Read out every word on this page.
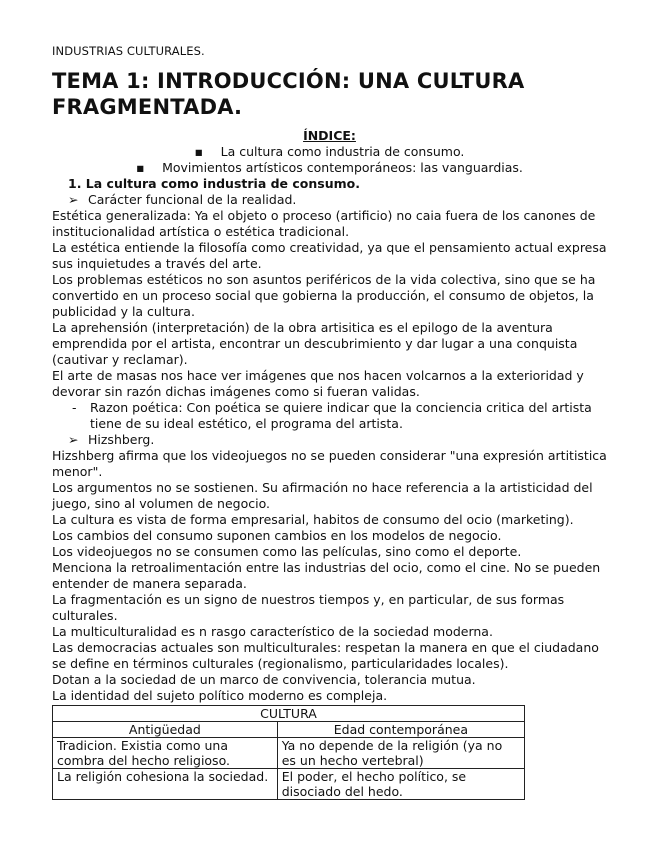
INDUSTRIAS CULTURALES.
TEMA 1: INTRODUCCIÓN: UNA CULTURA FRAGMENTADA.
ÍNDICE:
▪ La cultura como industria de consumo.
▪ Movimientos artísticos contemporáneos: las vanguardias.
1. La cultura como industria de consumo.
➢ Carácter funcional de la realidad.
Estética generalizada: Ya el objeto o proceso (artificio) no caia fuera de los canones de institucionalidad artística o estética tradicional.
La estética entiende la filosofía como creatividad, ya que el pensamiento actual expresa sus inquietudes a través del arte.
Los problemas estéticos no son asuntos periféricos de la vida colectiva, sino que se ha convertido en un proceso social que gobierna la producción, el consumo de objetos, la publicidad y la cultura.
La aprehensión (interpretación) de la obra artisitica es el epilogo de la aventura emprendida por el artista, encontrar un descubrimiento y dar lugar a una conquista (cautivar y reclamar).
El arte de masas nos hace ver imágenes que nos hacen volcarnos a la exterioridad y devorar sin razón dichas imágenes como si fueran validas.
-	Razon poética: Con poética se quiere indicar que la conciencia critica del artista tiene de su ideal estético, el programa del artista.
➢ Hizshberg.
Hizshberg afirma que los videojuegos no se pueden considerar "una expresión artitistica menor".
Los argumentos no se sostienen. Su afirmación no hace referencia a la artisticidad del juego, sino al volumen de negocio.
La cultura es vista de forma empresarial, habitos de consumo del ocio (marketing).
Los cambios del consumo suponen cambios en los modelos de negocio.
Los videojuegos no se consumen como las películas, sino como el deporte.
Menciona la retroalimentación entre las industrias del ocio, como el cine. No se pueden entender de manera separada.
La fragmentación es un signo de nuestros tiempos y, en particular, de sus formas culturales.
La multiculturalidad es n rasgo característico de la sociedad moderna.
Las democracias actuales son multiculturales: respetan la manera en que el ciudadano se define en términos culturales (regionalismo, particularidades locales).
Dotan a la sociedad de un marco de convivencia, tolerancia mutua.
La identidad del sujeto político moderno es compleja.
CULTURA	
Antigüedad	Edad contemporánea
Tradicion. Existia como una combra del hecho religioso.	Ya no depende de la religión (ya no es un hecho vertebral)
La religión cohesiona la sociedad.	El poder, el hecho político, se disociado del hedo.
